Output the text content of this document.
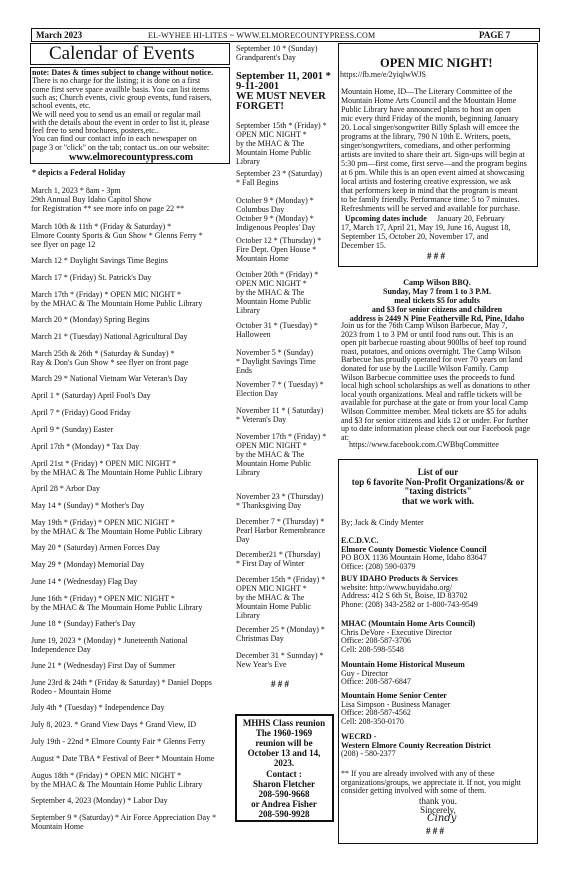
March 2023	EL-WYHEE HI-LITES ~ WWW.ELMORECOUNTYPRESS.COM	PAGE 7
Calendar of Events
note: Dates & times subject to change without notice.
There is no charge for the listing; it is done on a first
come first serve space availble basis. You can list items
such as; Church events, civic group events, fund raisers,
school events, etc.
We will need you to send us an email or regular mail
with the details about the event in order to list it, please
feel free to send brochures, posters,etc..
You can find our contact info in each newspaper on
page 3 or "click" on the tab; contact us..on our website:
www.elmorecountypress.com
* depicts a Federal Holiday
March 1, 2023 * 8am - 3pm
29th Annual Buy Idaho Capitol Show
for Registration ** see more info on page 22 **
March 10th & 11th * (Friday & Saturday) *
Elmore County Sports & Gun Show * Glenns Ferry *
see flyer on page 12
March 12 * Daylight Savings Time Begins
March 17 * (Friday) St. Patrick's Day
March 17th * (Friday) * OPEN MIC NIGHT *
by the MHAC & The Mountain Home Public Library
March 20 * (Monday) Spring Begins
March 21 * (Tuesday) National Agricultural Day
March 25th & 26th * (Saturday & Sunday) *
Ray & Don's Gun Show * see flyer on front page
March 29 * National Vietnam War Veteran's Day
April 1 * (Saturday) April Fool's Day
April 7 * (Friday) Good Friday
April 9 * (Sunday) Easter
April 17th * (Monday) * Tax Day
April 21st * (Friday) * OPEN MIC NIGHT *
by the MHAC & The Mountain Home Public Library
April 28 * Arbor Day
May 14 * (Sunday) * Mother's Day
May 19th * (Friday) * OPEN MIC NIGHT *
by the MHAC & The Mountain Home Public Library
May 20 * (Saturday) Armen Forces Day
May 29 * (Monday) Memorial Day
June 14 * (Wednesday) Flag Day
June 16th * (Friday) * OPEN MIC NIGHT *
by the MHAC & The Mountain Home Public Library
June 18 * (Sunday) Father's Day
June 19, 2023 * (Monday) * Juneteenth National
Independence Day
June 21 * (Wednesday) First Day of Summer
June 23rd & 24th * (Friday & Saturday) * Daniel Dopps
Rodeo - Mountain Home
July 4th * (Tuesday) * Independence Day
July 8, 2023. * Grand View Days * Grand View, ID
July 19th - 22nd * Elmore County Fair * Glenns Ferry
August * Date TBA * Festival of Beer * Mountain Home
Augus 18th * (Friday) * OPEN MIC NIGHT *
by the MHAC & The Mountain Home Public Library
September 4, 2023 (Monday) * Labor Day
September 9 * (Saturday) * Air Force Appreciation Day *
Mountain Home
September 10 * (Sunday)
Grandparent's Day
September 11, 2001 *
9-11-2001
WE MUST NEVER
FORGET!
September 15th * (Friday) *
OPEN MIC NIGHT *
by the MHAC & The
Mountain Home Public
Library
September 23 * (Saturday)
* Fall Begins
October 9 * (Monday) *
Columbus Day
October 9 * (Monday) *
Indigenous Peoples' Day
October 12 * (Thursday) *
Fire Dept. Open House *
Mountain Home
October 20th * (Friday) *
OPEN MIC NIGHT *
by the MHAC & The
Mountain Home Public
Library
October 31 * (Tuesday) *
Halloween
November 5 * (Sunday)
* Daylight Savings Time
Ends
November 7 * ( Tuesday) *
Election Day
November 11 * ( Saturday)
* Veteran's Day
November 17th * (Friday) *
OPEN MIC NIGHT *
by the MHAC & The
Mountain Home Public
Library
November 23 * (Thursday)
* Thanksgiving Day
December 7 * (Thursday) *
Pearl Harbor Remembrance
Day
December21 * (Thursday)
* First Day of Winter
December 15th * (Friday) *
OPEN MIC NIGHT *
by the MHAC & The
Mountain Home Public
Library
December 25 * (Monday) *
Christmas Day
December 31 * Sunnday) *
New Year's Eve
# # #
MHHS Class reunion
The 1960-1969
reunion will be
October 13 and 14,
2023.
Contact :
Sharon Fletcher
208-590-9668
or Andrea Fisher
208-590-9928
OPEN MIC NIGHT!
https://fb.me/e/2yiqlwWJS
Mountain Home, ID—The Literary Committee of the
Mountain Home Arts Council and the Mountain Home
Public Library have announced plans to host an open
mic every third Friday of the month, beginning January
20. Local singer/songwriter Billy Splash will emcee the
programs at the library, 790 N 10th E. Writers, poets,
singer/songwriters, comedians, and other performing
artists are invited to share their art. Sign-ups will begin at
5:30 pm—first come, first serve—and the program begins
at 6 pm. While this is an open event aimed at showcasing
local artists and fostering creative expression, we ask
that performers keep in mind that the program is meant
to be family friendly. Performance time: 5 to 7 minutes.
Refreshments will be served and available for purchase.
Upcoming dates include January 20, February
17, March 17, April 21, May 19, June 16, August 18,
September 15, October 20, November 17, and
December 15.
# # #
Camp Wilson BBQ.
Sunday, May 7 from 1 to 3 P.M.
meal tickets $5 for adults
and $3 for senior citizens and children
address is 2449 N Pine Featherville Rd, Pine, Idaho
Join us for the 76th Camp Wilson Barbecue, May 7,
2023 from 1 to 3 PM or until food runs out. This is an
open pit barbecue roasting about 900lbs of beef top round
roast, potatoes, and onions overnight. The Camp Wilson
Barbecue has proudly operated for over 70 years on land
donated for use by the Lucille Wilson Family. Camp
Wilson Barbecue committee uses the proceeds to fund
local high school scholarships as well as donations to other
local youth organizations. Meal and raffle tickets will be
available for purchase at the gate or from your local Camp
Wilson Committee member. Meal tickets are $5 for adults
and $3 for senior citizens and kids 12 or under. For further
up to date information please check out our Facebook page
at:
https://www.facebook.com.CWBbqCommittee
List of our
top 6 favorite Non-Profit Organizations/& or
"taxing districts"
that we work with.
By; Jack & Cindy Menter
E.C.D.V.C.
Elmore County Domestic Violence Council
PO BOX 1136 Mountain Home, Idaho 83647
Office: (208) 590-0379
BUY IDAHO Products & Services
website: http://www.buyidaho.org/
Address: 412 S 6th St, Boise, ID 83702
Phone: (208) 343-2582 or 1-800-743-9549
MHAC (Mountain Home Arts Council)
Chris DeVore - Executive Director
Office: 208-587-3706
Cell: 208-598-5548
Mountain Home Historical Museum
Guy - Director
Office: 208-587-6847
Mountain Home Senior Center
Lisa Simpson - Business Manager
Office: 208-587-4562
Cell: 208-350-0170
WECRD -
Western Elmore County Recreation District
(208) - 580-2377
** If you are already involved with any of these
organizations/groups, we appreciate it. If not, you might
consider getting involved with some of them.
thank you.
Sincerely,
Cindy
# # #
